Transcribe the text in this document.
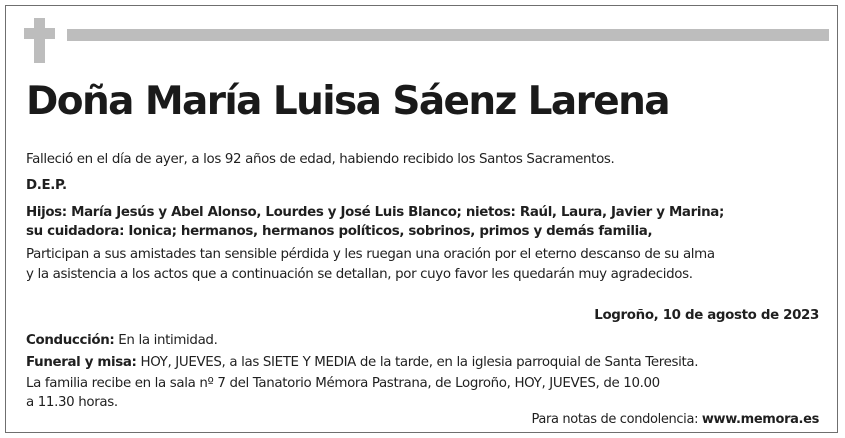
Doña María Luisa Sáenz Larena
Falleció en el día de ayer, a los 92 años de edad, habiendo recibido los Santos Sacramentos.
D.E.P.
Hijos: María Jesús y Abel Alonso, Lourdes y José Luis Blanco; nietos: Raúl, Laura, Javier y Marina;
su cuidadora: Ionica; hermanos, hermanos políticos, sobrinos, primos y demás familia,
Participan a sus amistades tan sensible pérdida y les ruegan una oración por el eterno descanso de su alma
y la asistencia a los actos que a continuación se detallan, por cuyo favor les quedarán muy agradecidos.
Logroño, 10 de agosto de 2023
Conducción: En la intimidad.
Funeral y misa: HOY, JUEVES, a las SIETE Y MEDIA de la tarde, en la iglesia parroquial de Santa Teresita.
La familia recibe en la sala nº 7 del Tanatorio Mémora Pastrana, de Logroño, HOY, JUEVES, de 10.00
a 11.30 horas.
Para notas de condolencia: www.memora.es
